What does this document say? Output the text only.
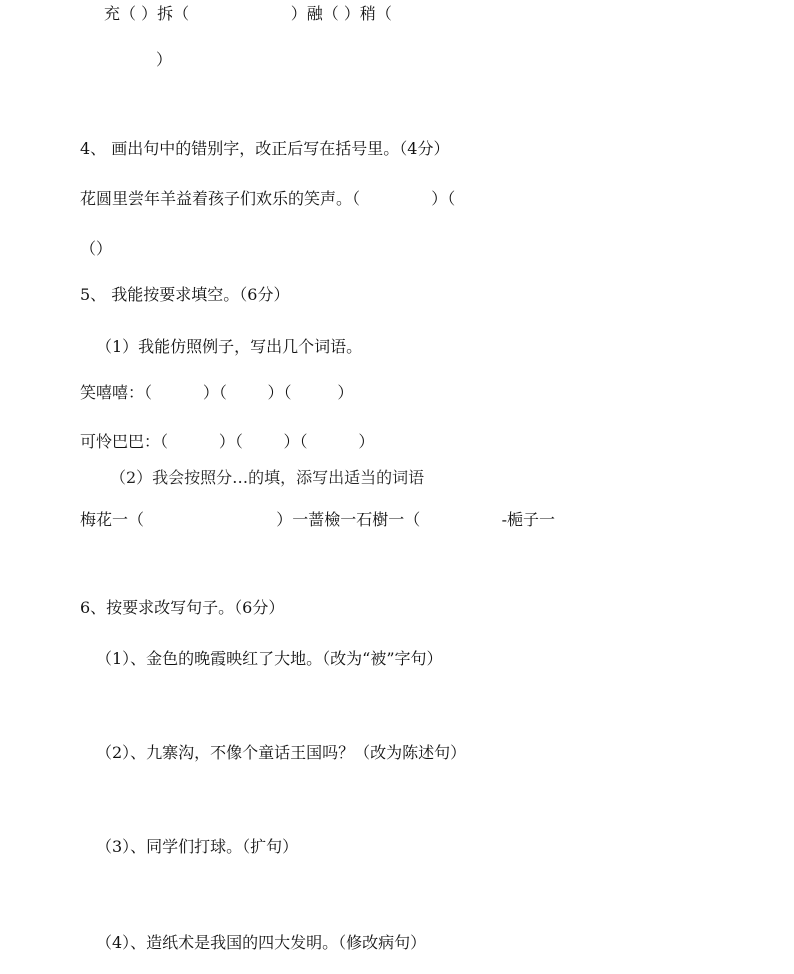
充（ ）拆（                    ）融（ ）稍（
）
4、 画出句中的错别字，改正后写在括号里。（4分）
花圆里尝年羊益着孩子们欢乐的笑声。（              ）（
（）
5、 我能按要求填空。（6分）
（1）我能仿照例子，写出几个词语。
笑嘻嘻：（          ）（        ）（         ）
可怜巴巴：（          ）（        ）（          ）
（2）我会按照分…的填，添写出适当的词语
梅花一（                          ）一蔷檢一石樹一（                -梔子一
6、按要求改写句子。（6分）
（1）、金色的晚霞映红了大地。（改为“被”字句）
（2）、九寨沟，不像个童话王国吗？（改为陈述句）
（3）、同学们打球。（扩句）
（4）、造纸术是我国的四大发明。（修改病句）
